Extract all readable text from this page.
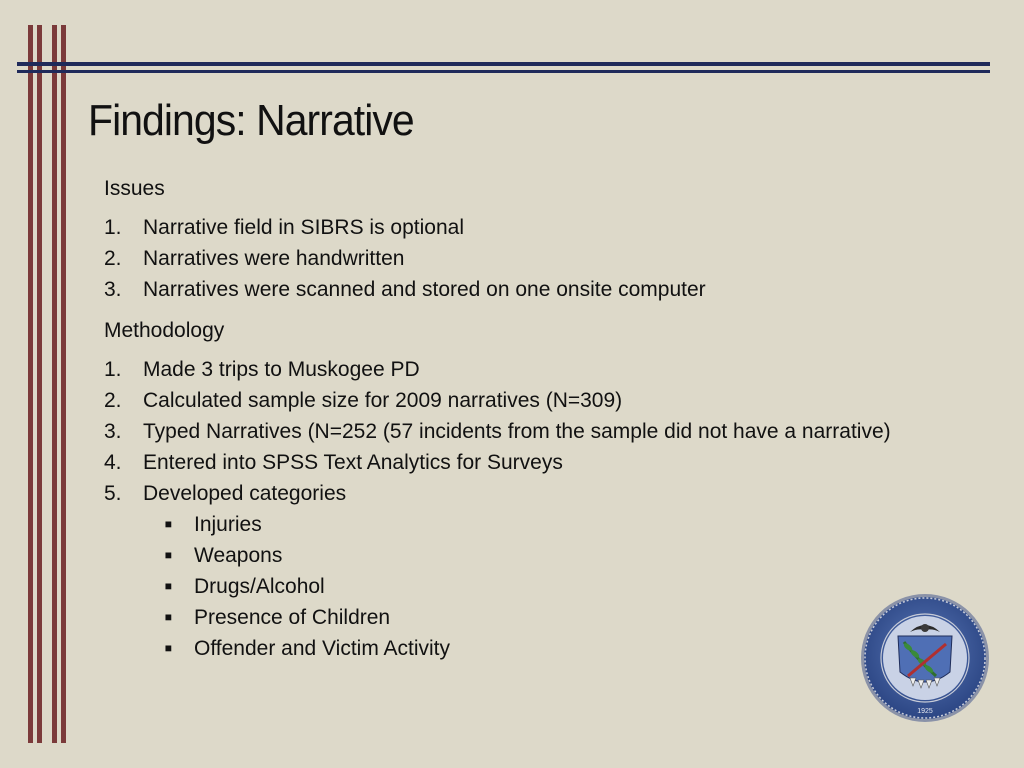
Findings: Narrative
Issues
1.	Narrative field in SIBRS is optional
2.	Narratives were handwritten
3.	Narratives were scanned and stored on one onsite computer
Methodology
1.	Made 3 trips to Muskogee PD
2.	Calculated sample size for 2009 narratives (N=309)
3.	Typed Narratives (N=252 (57 incidents from the sample did not have a narrative)
4.	Entered into SPSS Text Analytics for Surveys
5.	Developed categories
■	Injuries
■	Weapons
■	Drugs/Alcohol
■	Presence of Children
■	Offender and Victim Activity
1925
